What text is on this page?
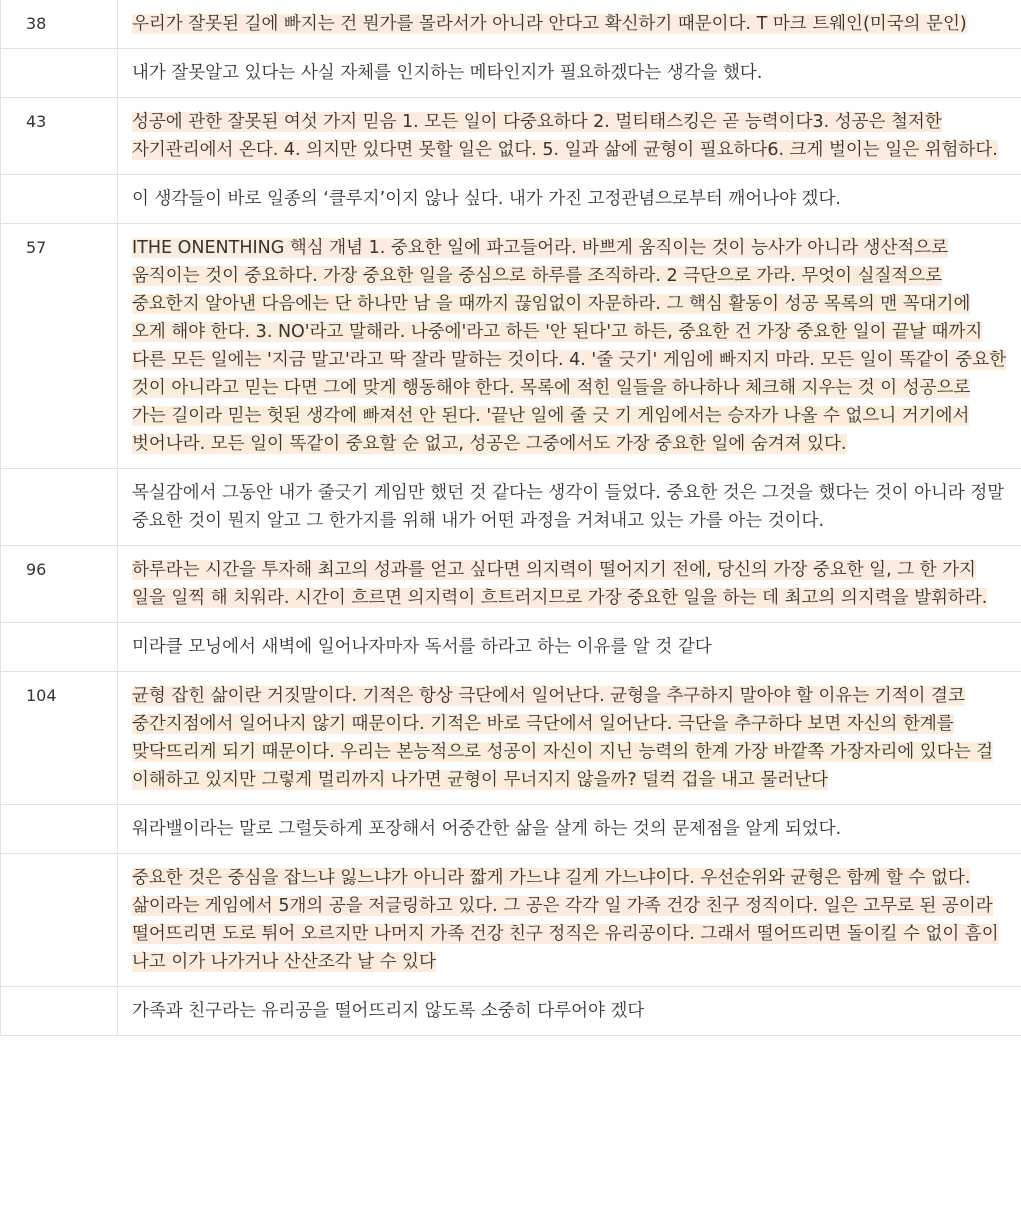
38	우리가 잘못된 길에 빠지는 건 뭔가를 몰라서가 아니라 안다고 확신하기 때문이다. T 마크 트웨인(미국의 문인)
	내가 잘못알고 있다는 사실 자체를 인지하는 메타인지가 필요하겠다는 생각을 했다.
43	성공에 관한 잘못된 여섯 가지 믿음 1. 모든 일이 다중요하다 2. 멀티태스킹은 곧 능력이다3. 성공은 철저한 자기관리에서 온다. 4. 의지만 있다면 못할 일은 없다. 5. 일과 삶에 균형이 필요하다6. 크게 벌이는 일은 위험하다.
	이 생각들이 바로 일종의 ‘클루지’이지 않나 싶다. 내가 가진 고정관념으로부터 깨어나야 겠다.
57	ITHE ONENTHING 핵심 개념 1. 중요한 일에 파고들어라. 바쁘게 움직이는 것이 능사가 아니라 생산적으로 움직이는 것이 중요하다. 가장 중요한 일을 중심으로 하루를 조직하라. 2 극단으로 가라. 무엇이 실질적으로 중요한지 알아낸 다음에는 단 하나만 남 을 때까지 끊임없이 자문하라. 그 핵심 활동이 성공 목록의 맨 꼭대기에 오게 해야 한다. 3. NO'라고 말해라. 나중에'라고 하든 '안 된다'고 하든, 중요한 건 가장 중요한 일이 끝날 때까지 다른 모든 일에는 '지금 말고'라고 딱 잘라 말하는 것이다. 4. '줄 긋기' 게임에 빠지지 마라. 모든 일이 똑같이 중요한 것이 아니라고 믿는 다면 그에 맞게 행동해야 한다. 목록에 적힌 일들을 하나하나 체크해 지우는 것 이 성공으로 가는 길이라 믿는 헛된 생각에 빠져선 안 된다. '끝난 일에 줄 긋 기 게임에서는 승자가 나올 수 없으니 거기에서 벗어나라. 모든 일이 똑같이 중요할 순 없고, 성공은 그중에서도 가장 중요한 일에 숨겨져 있다.
	목실감에서 그동안 내가 줄긋기 게임만 했던 것 같다는 생각이 들었다. 중요한 것은 그것을 했다는 것이 아니라 정말 중요한 것이 뭔지 알고 그 한가지를 위해 내가 어떤 과정을 거쳐내고 있는 가를 아는 것이다.
96	하루라는 시간을 투자해 최고의 성과를 얻고 싶다면 의지력이 떨어지기 전에, 당신의 가장 중요한 일, 그 한 가지 일을 일찍 해 치워라. 시간이 흐르면 의지력이 흐트러지므로 가장 중요한 일을 하는 데 최고의 의지력을 발휘하라.
	미라클 모닝에서 새벽에 일어나자마자 독서를 하라고 하는 이유를 알 것 같다
104	균형 잡힌 삶이란 거짓말이다. 기적은 항상 극단에서 일어난다. 균형을 추구하지 말아야 할 이유는 기적이 결코 중간지점에서 일어나지 않기 때문이다. 기적은 바로 극단에서 일어난다. 극단을 추구하다 보면 자신의 한계를 맞닥뜨리게 되기 때문이다. 우리는 본능적으로 성공이 자신이 지닌 능력의 한계 가장 바깥쪽 가장자리에 있다는 걸 이해하고 있지만 그렇게 멀리까지 나가면 균형이 무너지지 않을까? 덜컥 겁을 내고 물러난다
	워라밸이라는 말로 그럴듯하게 포장해서 어중간한 삶을 살게 하는 것의 문제점을 알게 되었다.
	중요한 것은 중심을 잡느냐 잃느냐가 아니라 짧게 가느냐 길게 가느냐이다. 우선순위와 균형은 함께 할 수 없다. 삶이라는 게임에서 5개의 공을 저글링하고 있다. 그 공은 각각 일 가족 건강 친구 정직이다. 일은 고무로 된 공이라 떨어뜨리면 도로 튀어 오르지만 나머지 가족 건강 친구 정직은 유리공이다. 그래서 떨어뜨리면 돌이킬 수 없이 흠이 나고 이가 나가거나 산산조각 날 수 있다
	가족과 친구라는 유리공을 떨어뜨리지 않도록 소중히 다루어야 겠다
